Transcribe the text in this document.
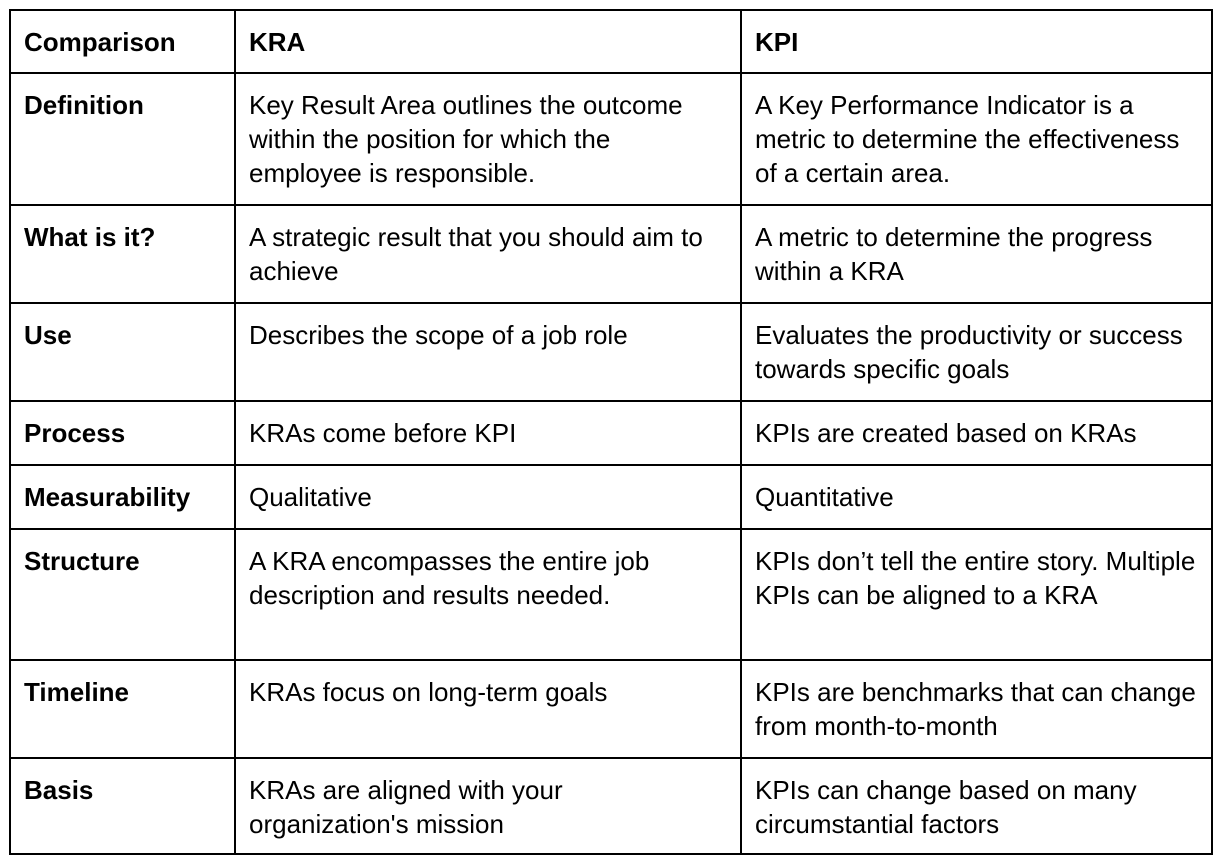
Comparison	KRA	KPI
Definition	Key Result Area outlines the outcome within the position for which the employee is responsible.	A Key Performance Indicator is a metric to determine the effectiveness of a certain area.
What is it?	A strategic result that you should aim to achieve	A metric to determine the progress within a KRA
Use	Describes the scope of a job role	Evaluates the productivity or success towards specific goals
Process	KRAs come before KPI	KPIs are created based on KRAs
Measurability	Qualitative	Quantitative
Structure	A KRA encompasses the entire job description and results needed.	KPIs don’t tell the entire story. Multiple KPIs can be aligned to a KRA
Timeline	KRAs focus on long-term goals	KPIs are benchmarks that can change from month-to-month
Basis	KRAs are aligned with your organization's mission	KPIs can change based on many circumstantial factors
